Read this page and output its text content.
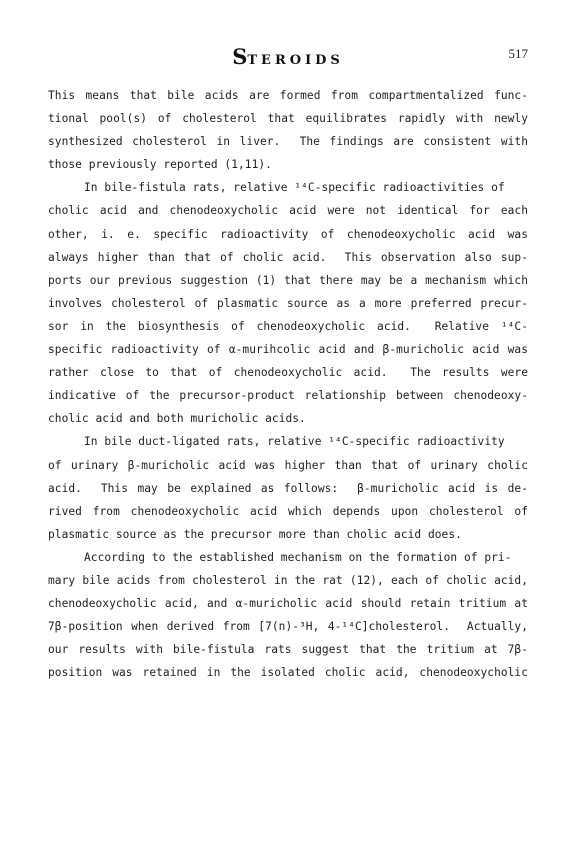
STEROIDS	517
This means that bile acids are formed from compartmentalized func-
tional pool(s) of cholesterol that equilibrates rapidly with newly
synthesized cholesterol in liver.  The findings are consistent with
those previously reported (1,11).
In bile-fistula rats, relative ¹⁴C-specific radioactivities of
cholic acid and chenodeoxycholic acid were not identical for each
other, i. e. specific radioactivity of chenodeoxycholic acid was
always higher than that of cholic acid.  This observation also sup-
ports our previous suggestion (1) that there may be a mechanism which
involves cholesterol of plasmatic source as a more preferred precur-
sor in the biosynthesis of chenodeoxycholic acid.  Relative ¹⁴C-
specific radioactivity of α-murihcolic acid and β-muricholic acid was
rather close to that of chenodeoxycholic acid.  The results were
indicative of the precursor-product relationship between chenodeoxy-
cholic acid and both muricholic acids.
In bile duct-ligated rats, relative ¹⁴C-specific radioactivity
of urinary β-muricholic acid was higher than that of urinary cholic
acid.  This may be explained as follows:  β-muricholic acid is de-
rived from chenodeoxycholic acid which depends upon cholesterol of
plasmatic source as the precursor more than cholic acid does.
According to the established mechanism on the formation of pri-
mary bile acids from cholesterol in the rat (12), each of cholic acid,
chenodeoxycholic acid, and α-muricholic acid should retain tritium at
7β-position when derived from [7(n)-³H, 4-¹⁴C]cholesterol.  Actually,
our results with bile-fistula rats suggest that the tritium at 7β-
position was retained in the isolated cholic acid, chenodeoxycholic
